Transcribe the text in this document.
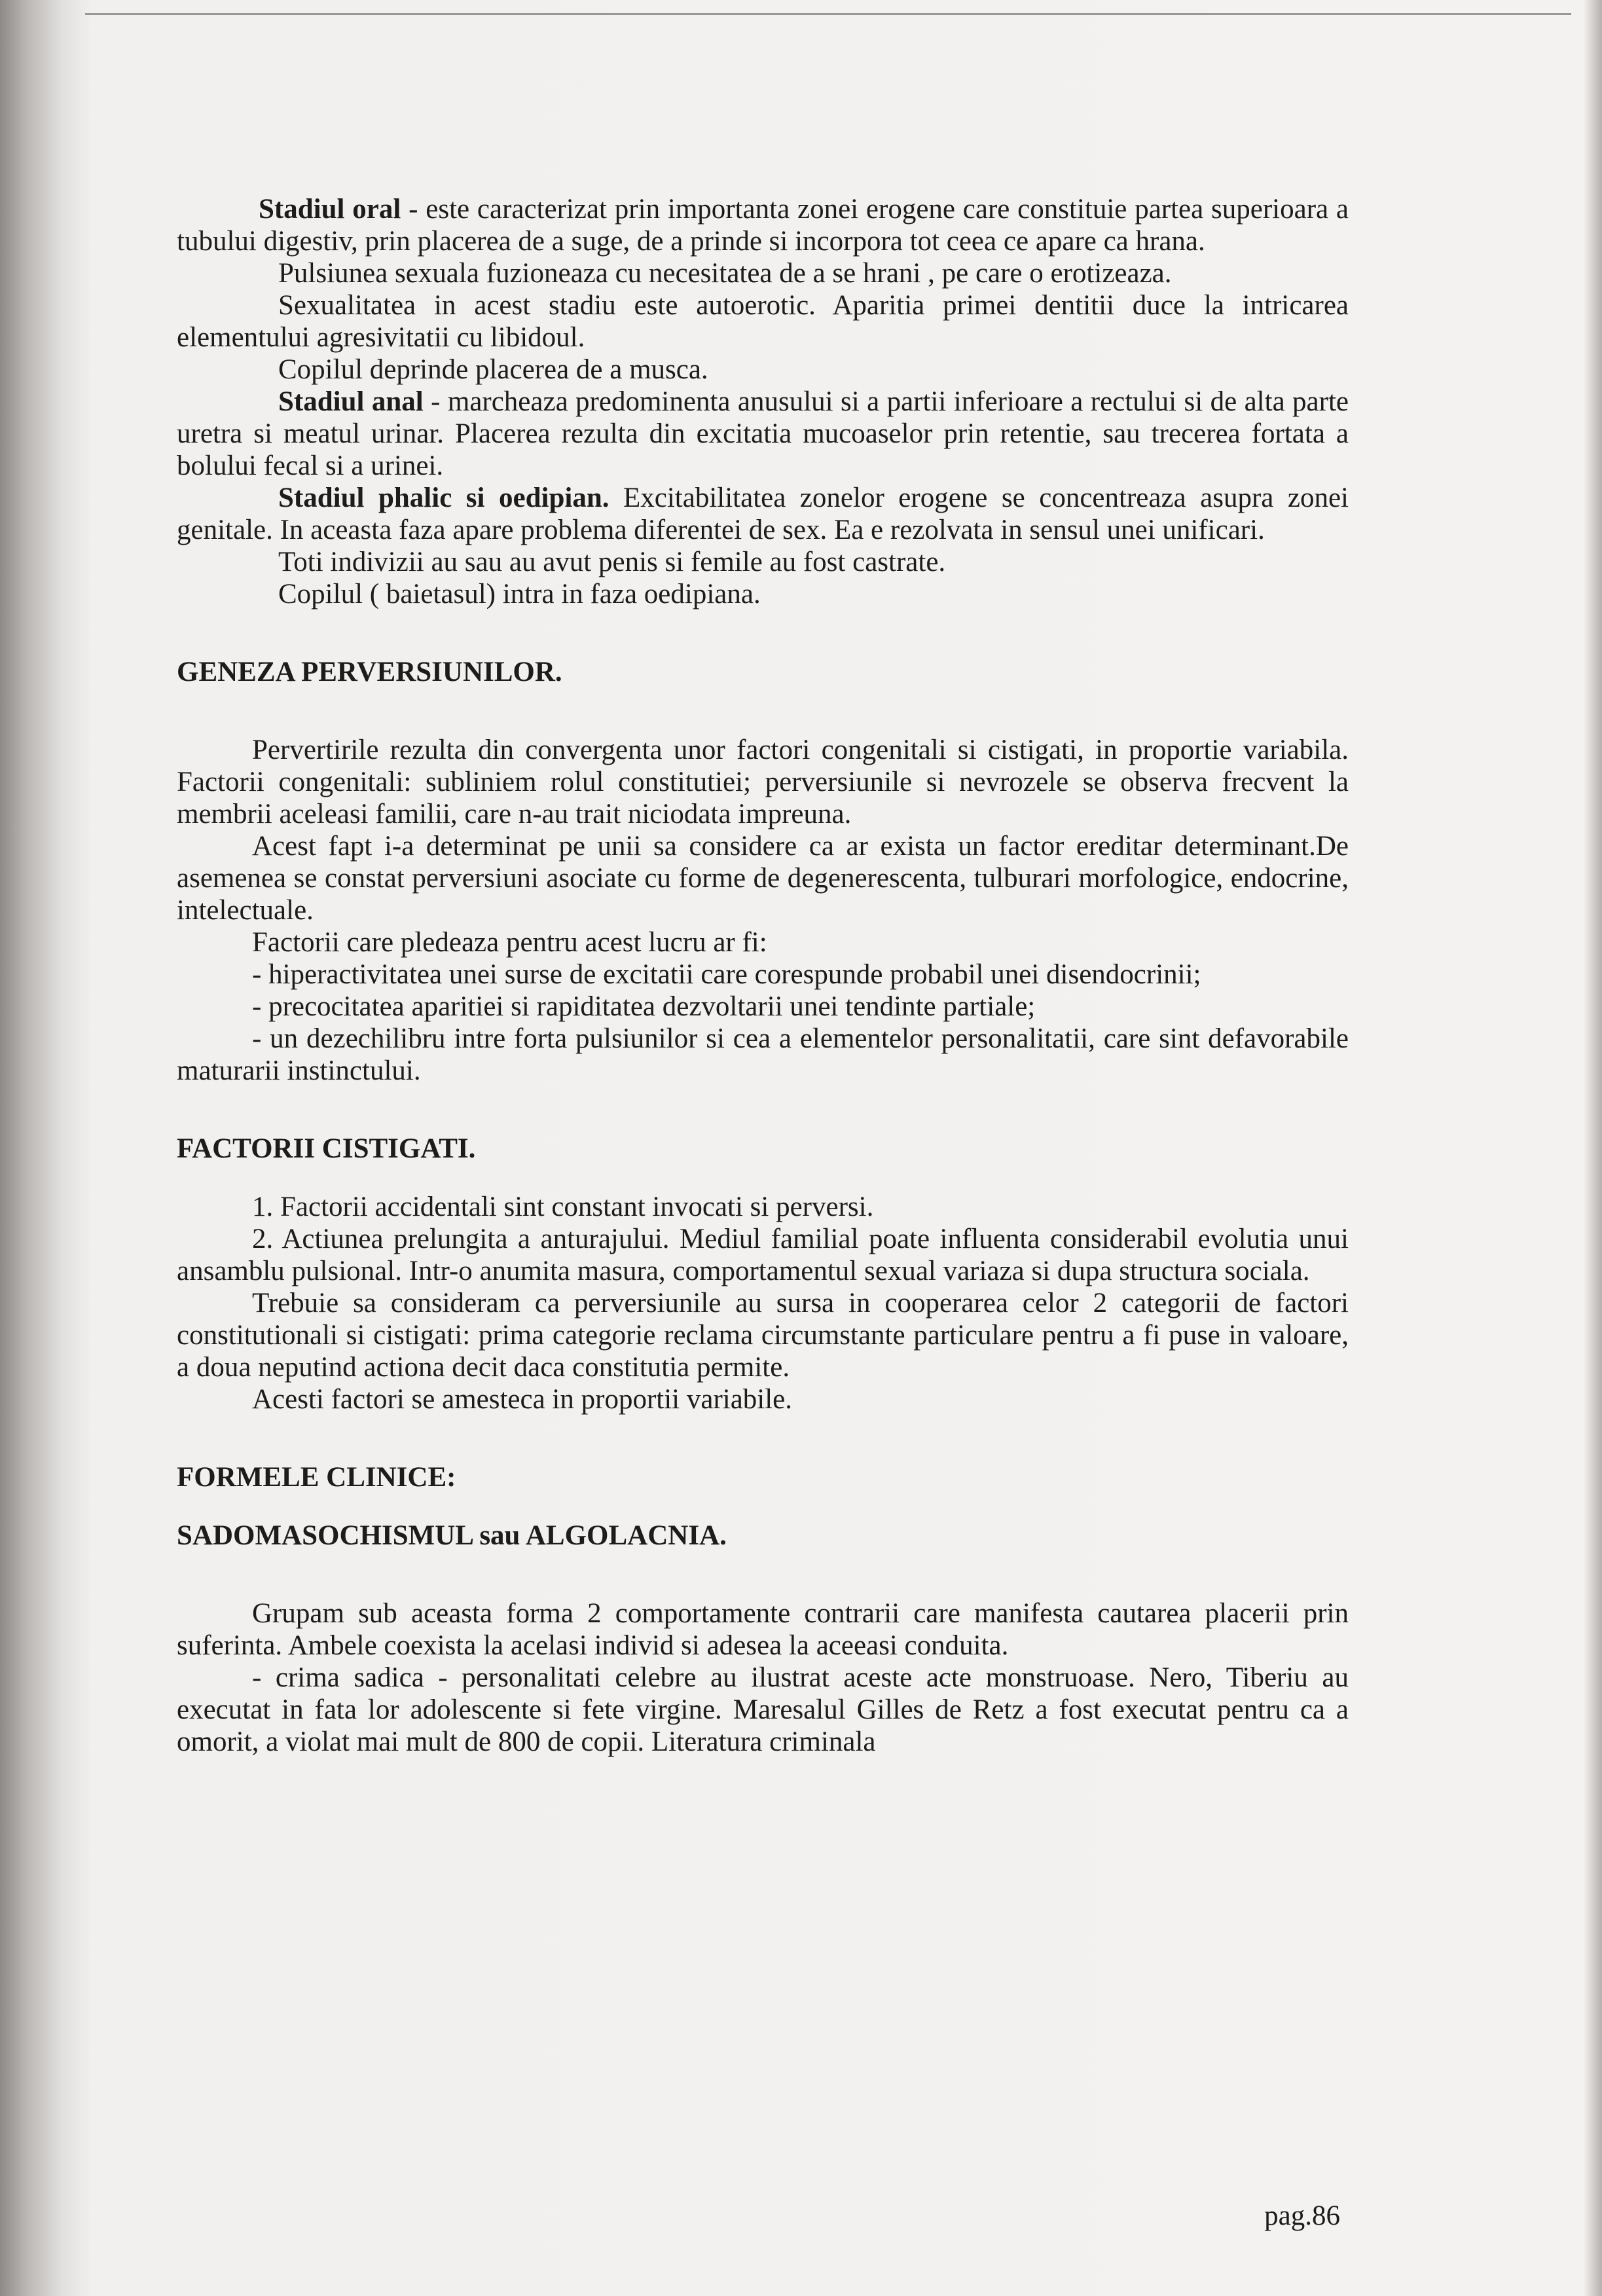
Stadiul oral - este caracterizat prin importanta zonei erogene care constituie partea superioara a tubului digestiv, prin placerea de a suge, de a prinde si incorpora tot ceea ce apare ca hrana.

Pulsiunea sexuala fuzioneaza cu necesitatea de a se hrani , pe care o erotizeaza.

Sexualitatea in acest stadiu este autoerotic. Aparitia primei dentitii duce la intricarea elementului agresivitatii cu libidoul.

Copilul deprinde placerea de a musca.

Stadiul anal - marcheaza predominenta anusului si a partii inferioare a rectului si de alta parte uretra si meatul urinar. Placerea rezulta din excitatia mucoaselor prin retentie, sau trecerea fortata a bolului fecal si a urinei.

Stadiul phalic si oedipian. Excitabilitatea zonelor erogene se concentreaza asupra zonei genitale. In aceasta faza apare problema diferentei de sex. Ea e rezolvata in sensul unei unificari.

Toti indivizii au sau au avut penis si femile au fost castrate.

Copilul ( baietasul) intra in faza oedipiana.

GENEZA PERVERSIUNILOR.

Pervertirile rezulta din convergenta unor factori congenitali si cistigati, in proportie variabila. Factorii congenitali: subliniem rolul constitutiei; perversiunile si nevrozele se observa frecvent la membrii aceleasi familii, care n-au trait niciodata impreuna.

Acest fapt i-a determinat pe unii sa considere ca ar exista un factor ereditar determinant.De asemenea se constat perversiuni asociate cu forme de degenerescenta, tulburari morfologice, endocrine, intelectuale.

Factorii care pledeaza pentru acest lucru ar fi:

- hiperactivitatea unei surse de excitatii care corespunde probabil unei disendocrinii;

- precocitatea aparitiei si rapiditatea dezvoltarii unei tendinte partiale;

- un dezechilibru intre forta pulsiunilor si cea a elementelor personalitatii, care sint defavorabile maturarii instinctului.

FACTORII CISTIGATI.

1. Factorii accidentali sint constant invocati si perversi.

2. Actiunea prelungita a anturajului. Mediul familial poate influenta considerabil evolutia unui ansamblu pulsional. Intr-o anumita masura, comportamentul sexual variaza si dupa structura sociala.

Trebuie sa consideram ca perversiunile au sursa in cooperarea celor 2 categorii de factori constitutionali si cistigati: prima categorie reclama circumstante particulare pentru a fi puse in valoare, a doua neputind actiona decit daca constitutia permite.

Acesti factori se amesteca in proportii variabile.

FORMELE CLINICE:

SADOMASOCHISMUL sau ALGOLACNIA.

Grupam sub aceasta forma 2 comportamente contrarii care manifesta cautarea placerii prin suferinta. Ambele coexista la acelasi individ si adesea la aceeasi conduita.

- crima sadica - personalitati celebre au ilustrat aceste acte monstruoase. Nero, Tiberiu au executat in fata lor adolescente si fete virgine. Maresalul Gilles de Retz a fost executat pentru ca a omorit, a violat mai mult de 800 de copii. Literatura criminala

pag.86
